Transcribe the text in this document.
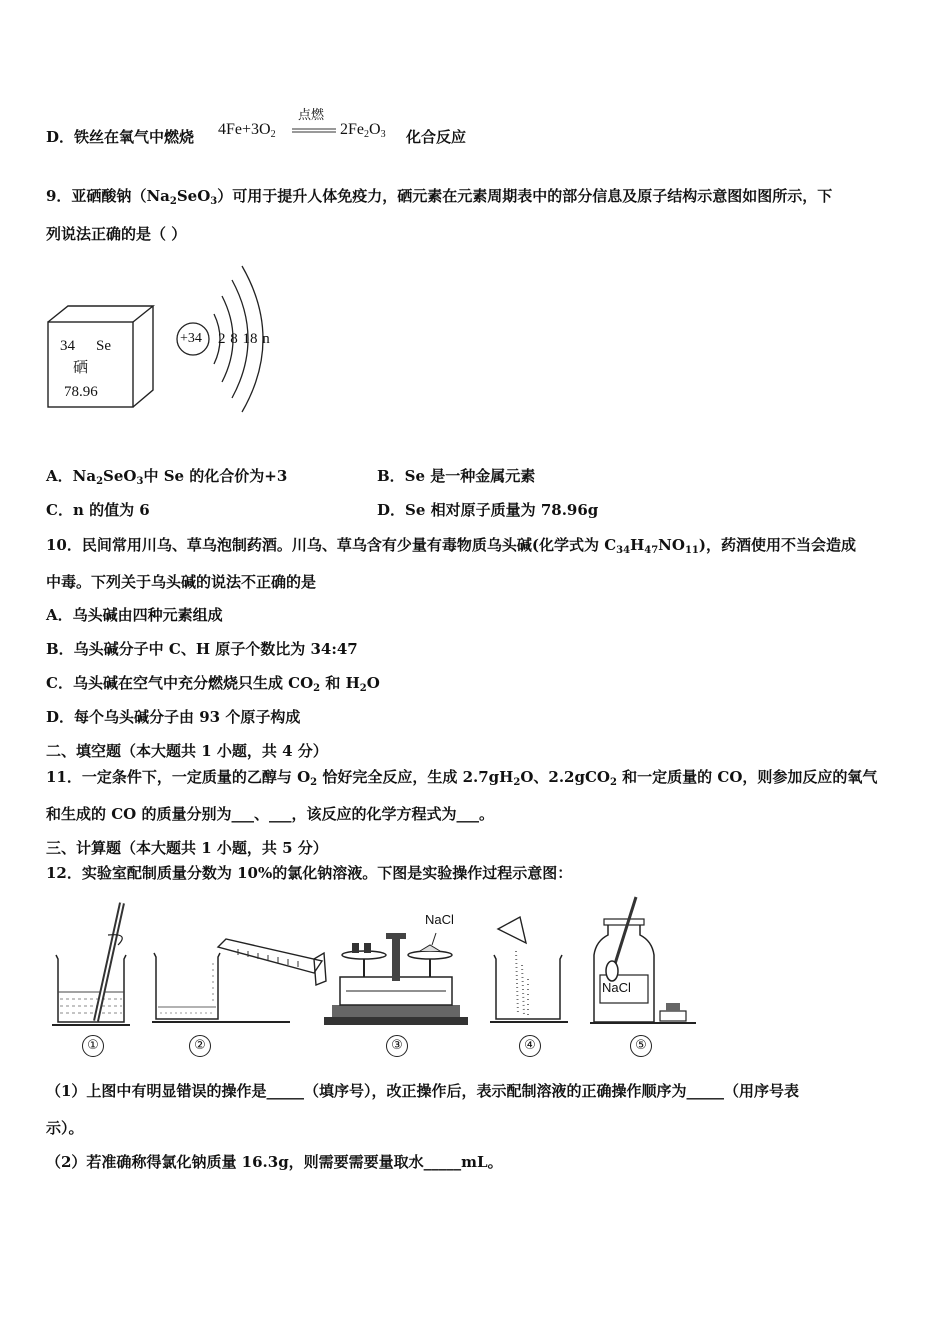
D．铁丝在氧气中燃烧 $4Fe+3O_2$
点燃
$2Fe_2O_3$ 化合反应
9．亚硒酸钠$(Na_2SeO_3)$可用于提升人体免疫力，硒元素在元素周期表中的部分信息及原子结构示意图如图所示，下
列说法正确的是（ ）
34 Se
硒
78.96
+34 2 8 18 n
A．$Na_2SeO_3$中 Se 的化合价为+3	B．Se 是一种金属元素
C．n 的值为 6	D．Se 相对原子质量为 78.96g
10．民间常用川乌、草乌泡制药酒。川乌、草乌含有少量有毒物质乌头碱(化学式为 $C_{34}H_{47}NO_{11}$)，药酒使用不当会造成
中毒。下列关于乌头碱的说法不正确的是
A．乌头碱由四种元素组成
B．乌头碱分子中 C、H 原子个数比为 34:47
C．乌头碱在空气中充分燃烧只生成 $CO_2$ 和 $H_2O$
D．每个乌头碱分子由 93 个原子构成
二、填空题（本大题共 1 小题，共 4 分）
11．一定条件下，一定质量的乙醇与 $O_2$ 恰好完全反应，生成 $2.7gH_2O$、2.2gCO$_2$ 和一定质量的 CO，则参加反应的氧气
和生成的 CO 的质量分别为___、___，该反应的化学方程式为___。
三、计算题（本大题共 1 小题，共 5 分）
12．实验室配制质量分数为 10%的氯化钠溶液。下图是实验操作过程示意图：
NaCl
NaCl
①	②	③	④	⑤
（1）上图中有明显错误的操作是_____（填序号），改正操作后，表示配制溶液的正确操作顺序为_____（用序号表
示）。
（2）若准确称得氯化钠质量 16.3g，则需要需要量取水_____mL。
